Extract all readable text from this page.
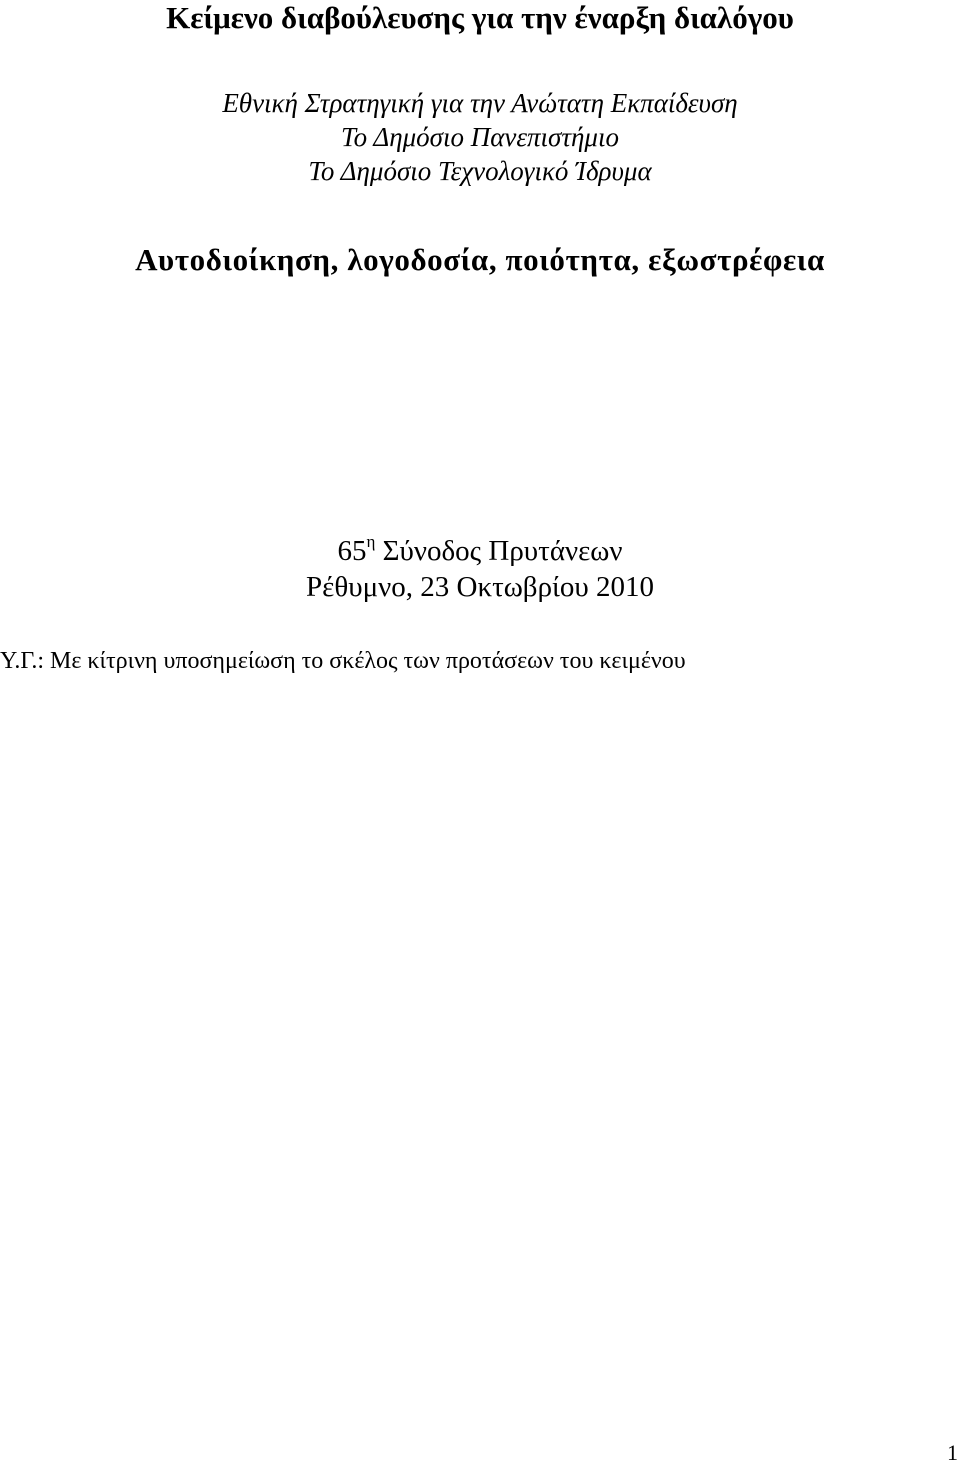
Κείμενο διαβούλευσης για την έναρξη διαλόγου
Εθνική Στρατηγική για την Ανώτατη Εκπαίδευση
Το Δημόσιο Πανεπιστήμιο
Το Δημόσιο Τεχνολογικό Ίδρυμα
Αυτοδιοίκηση, λογοδοσία, ποιότητα, εξωστρέφεια
$65^\eta$ Σύνοδος Πρυτάνεων
Ρέθυμνο, 23 Οκτωβρίου 2010
Υ.Γ.: Με κίτρινη υποσημείωση το σκέλος των προτάσεων του κειμένου
1
